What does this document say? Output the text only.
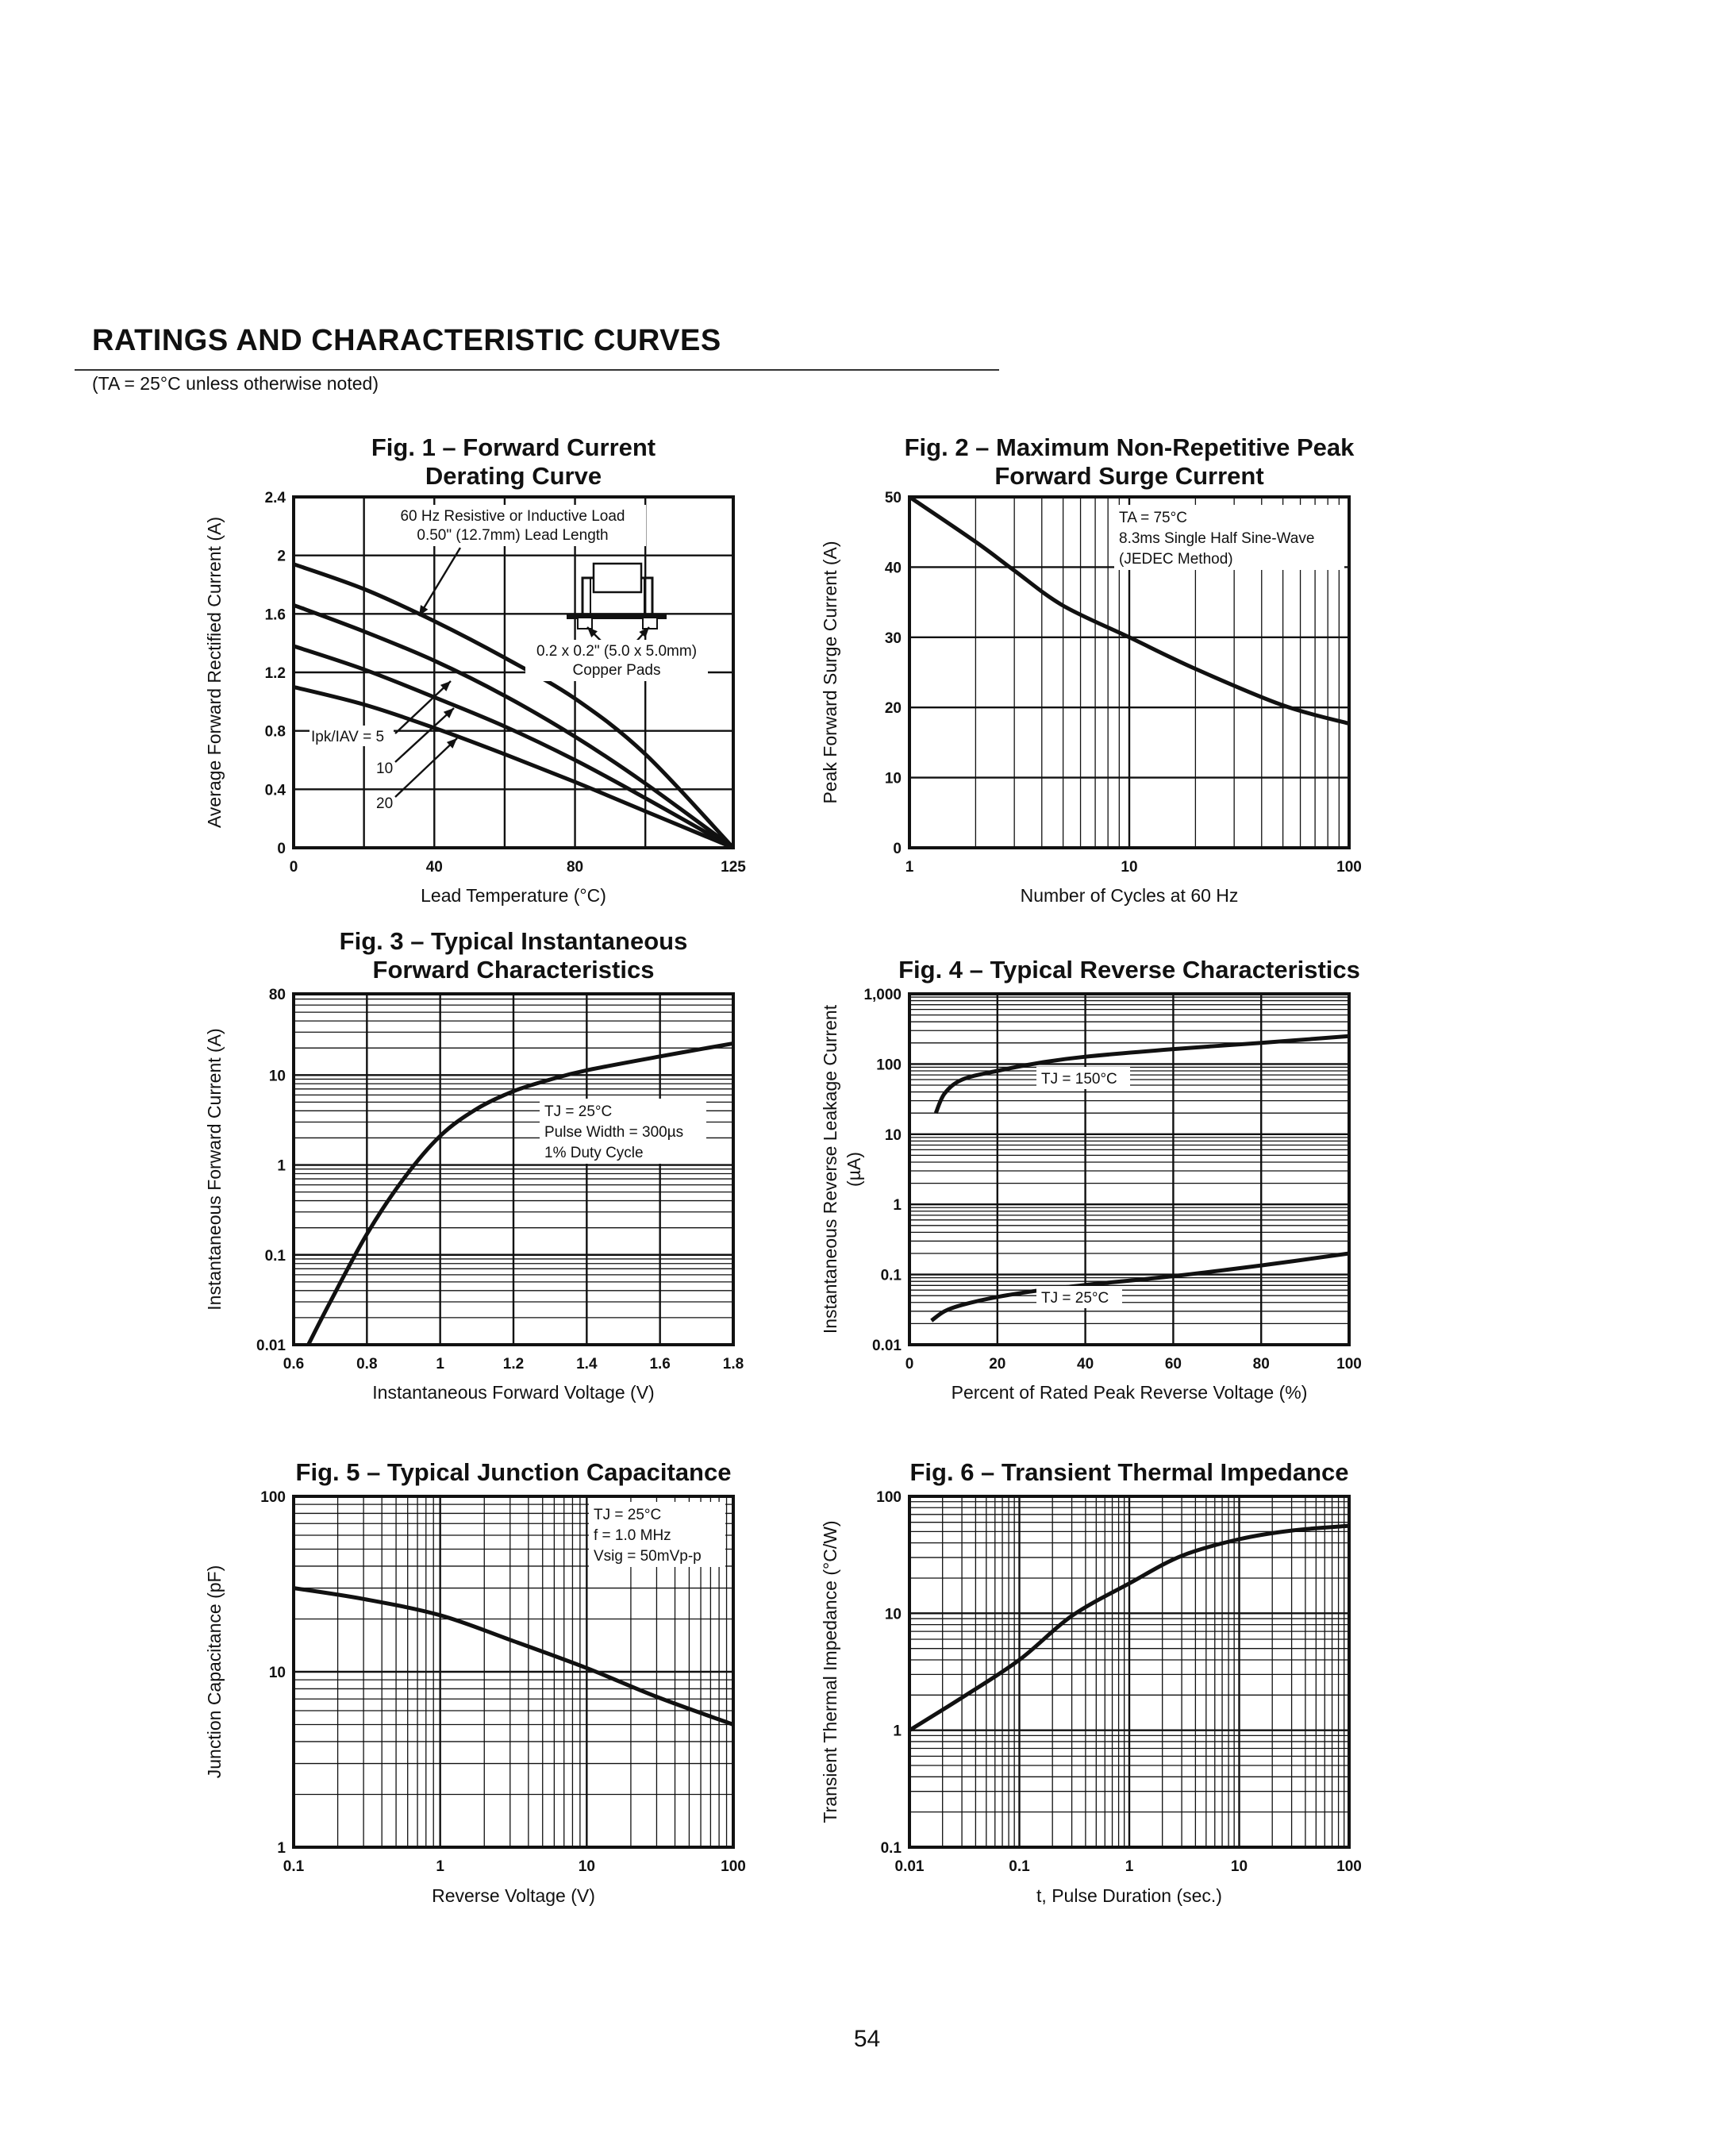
RATINGS AND CHARACTERISTIC CURVES
(TA = 25°C unless otherwise noted)
54
Fig. 1 – Forward Current
Derating Curve
0	40	80	125
0
0.4
0.8
1.2
1.6
2
2.4
Lead Temperature (°C)
Average Forward Rectified Current (A)
Fig. 2 – Maximum Non-Repetitive Peak
Forward Surge Current
1	10	100
0
10
20
30
40
50
Number of Cycles at 60 Hz
Peak Forward Surge Current (A)
Fig. 3 – Typical Instantaneous
Forward Characteristics
0.6	0.8	1	1.2	1.4	1.6	1.8
0.01
0.1
1
10
80
Instantaneous Forward Voltage (V)
Instantaneous Forward Current (A)
Fig. 4 – Typical Reverse Characteristics
0	20	40	60	80	100
0.01
0.1
1
10
100
1,000
Percent of Rated Peak Reverse Voltage (%)
Instantaneous Reverse Leakage Current (µA)
Fig. 5 – Typical Junction Capacitance
0.1	1	10	100
1
10
100
Reverse Voltage (V)
Junction Capacitance (pF)
Fig. 6 – Transient Thermal Impedance
0.01	0.1	1	10	100
0.1
1
10
100
t, Pulse Duration (sec.)
Transient Thermal Impedance (°C/W)
60 Hz Resistive or Inductive Load
0.50" (12.7mm) Lead Length
0.2 x 0.2" (5.0 x 5.0mm)
Copper Pads
Ipk/IAV = 5
10
20
TA = 75°C
8.3ms Single Half Sine-Wave
(JEDEC Method)
TJ = 25°C
Pulse Width = 300µs
1% Duty Cycle
TJ = 150°C
TJ = 25°C
TJ = 25°C
f = 1.0 MHz
Vsig = 50mVp-p
